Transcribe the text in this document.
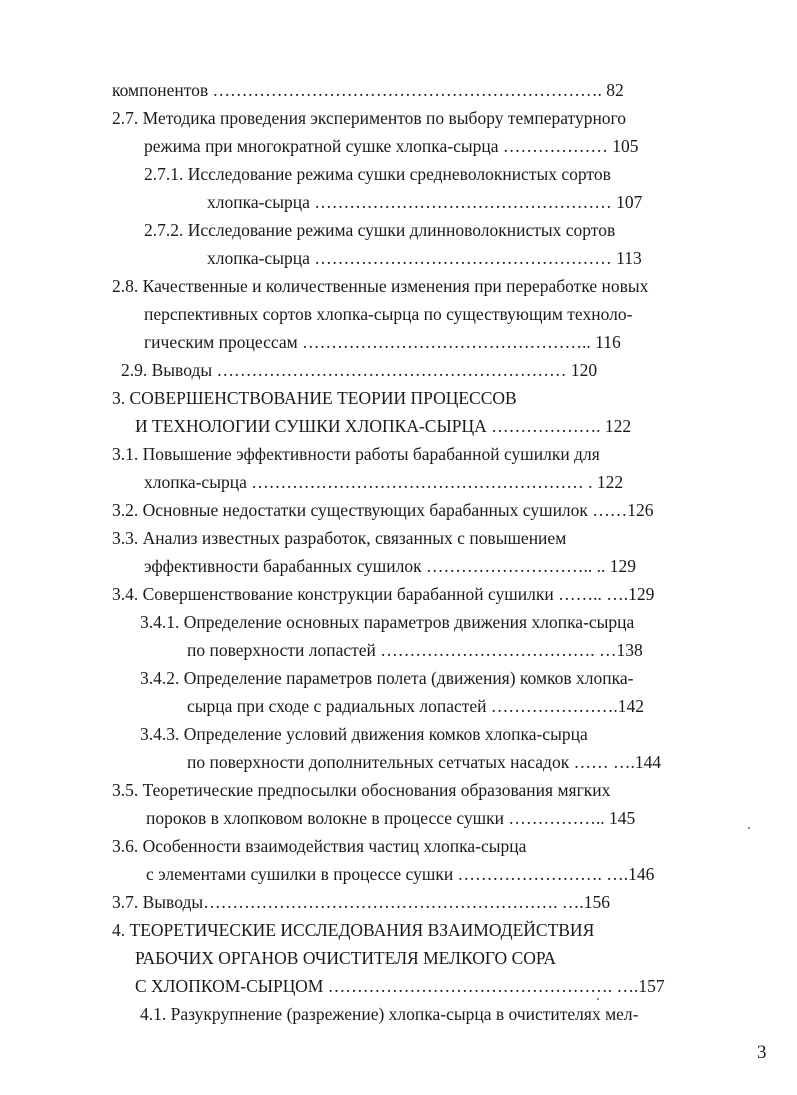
компонентов …………………………………………………………. 82
2.7. Методика проведения экспериментов по выбору температурного
режима при многократной сушке хлопка-сырца ……………… 105
2.7.1. Исследование режима сушки средневолокнистых сортов
хлопка-сырца …………………………………………… 107
2.7.2. Исследование режима сушки длинноволокнистых сортов
хлопка-сырца …………………………………………… 113
2.8. Качественные и количественные изменения при переработке новых
перспективных сортов хлопка-сырца по существующим техноло-
гическим процессам ………………………………………….. 116
2.9. Выводы …………………………………………………… 120
3. СОВЕРШЕНСТВОВАНИЕ ТЕОРИИ ПРОЦЕССОВ
И ТЕХНОЛОГИИ СУШКИ ХЛОПКА-СЫРЦА ………………. 122
3.1. Повышение эффективности работы барабанной сушилки для
хлопка-сырца ………………………………………………… . 122
3.2. Основные недостатки существующих барабанных сушилок ……126
3.3. Анализ известных разработок, связанных с повышением
эффективности барабанных сушилок ……………………….. .. 129
3.4. Совершенствование конструкции барабанной сушилки …….. ….129
3.4.1. Определение основных параметров движения хлопка-сырца
по поверхности лопастей ………………………………. …138
3.4.2. Определение параметров полета (движения) комков хлопка-
сырца при сходе с радиальных лопастей ………………….142
3.4.3. Определение условий движения комков хлопка-сырца
по поверхности дополнительных сетчатых насадок …… ….144
3.5. Теоретические предпосылки обоснования образования мягких
пороков в хлопковом волокне в процессе сушки …………….. 145
3.6. Особенности взаимодействия частиц хлопка-сырца
с элементами сушилки в процессе сушки ……………………. ….146
3.7. Выводы……………………………………………………. ….156
4. ТЕОРЕТИЧЕСКИЕ ИССЛЕДОВАНИЯ ВЗАИМОДЕЙСТВИЯ
РАБОЧИХ ОРГАНОВ ОЧИСТИТЕЛЯ МЕЛКОГО СОРА
С ХЛОПКОМ-СЫРЦОМ …………………………………………. ….157
4.1. Разукрупнение (разрежение) хлопка-сырца в очистителях мел-
3
